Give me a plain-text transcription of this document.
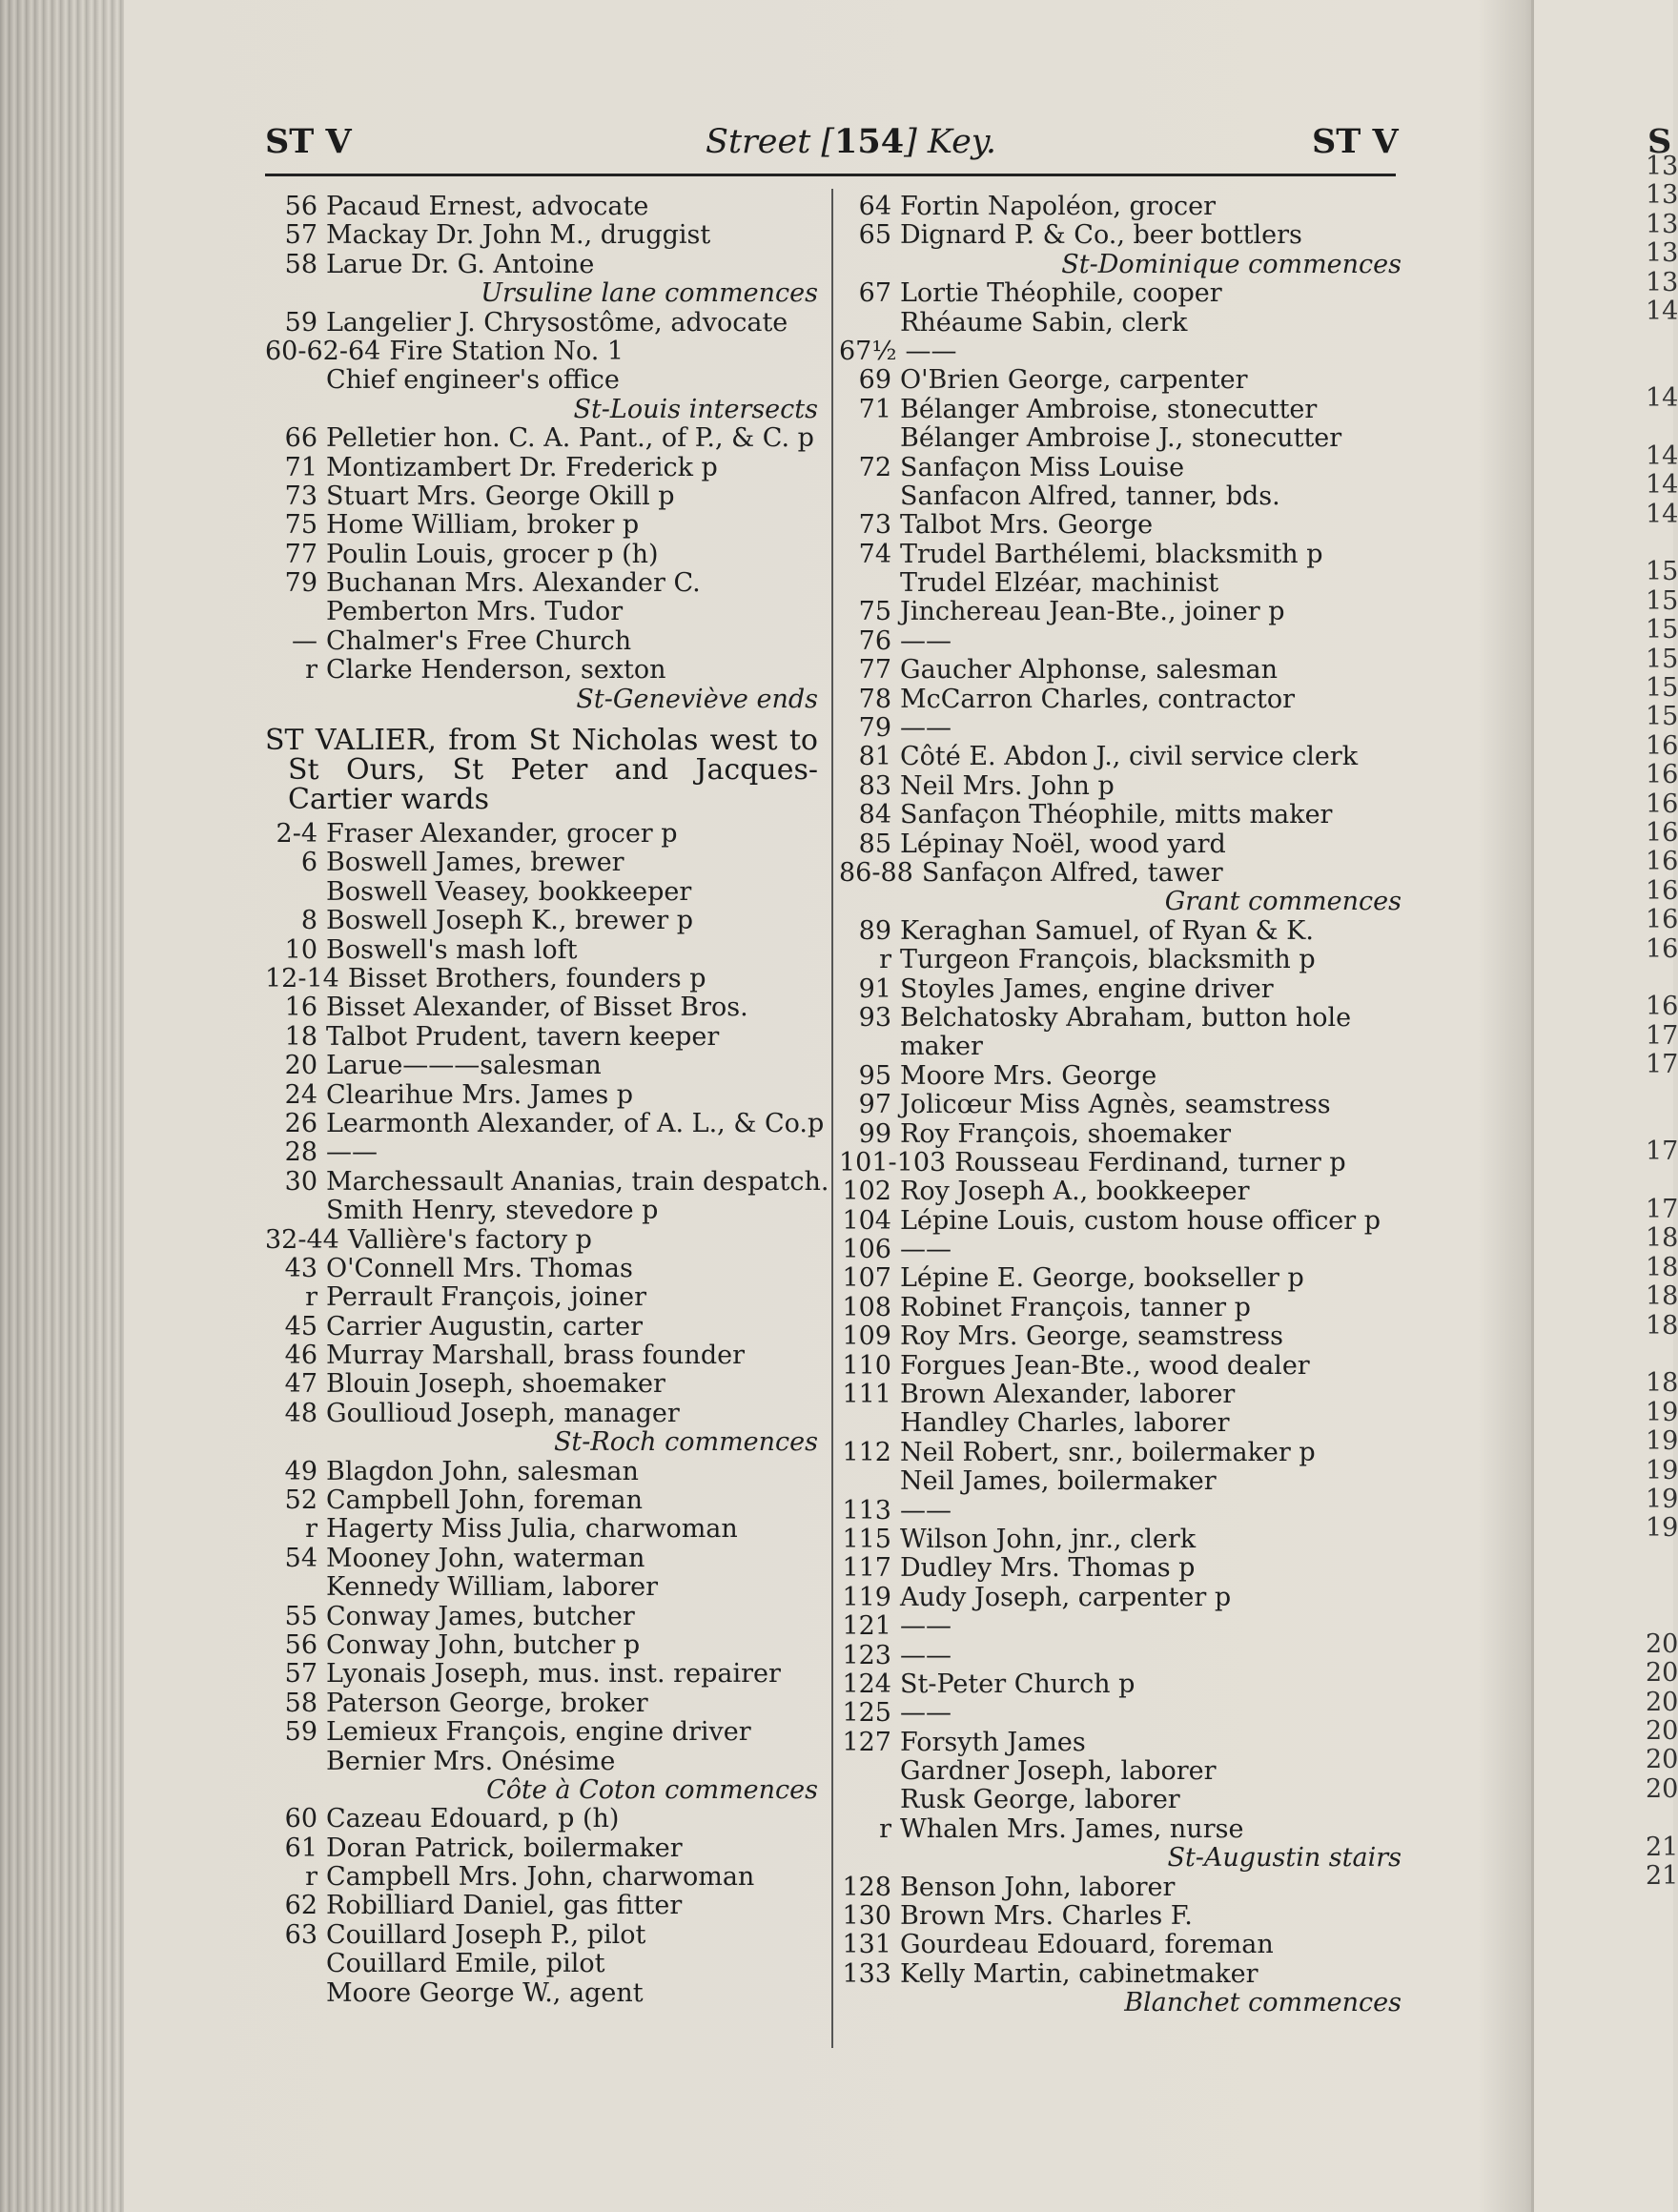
ST V	Street [154] Key.	ST V
56 Pacaud Ernest, advocate
57 Mackay Dr. John M., druggist
58 Larue Dr. G. Antoine
Ursuline lane commences
59 Langelier J. Chrysostôme, advocate
60-62-64 Fire Station No. 1
Chief engineer's office
St-Louis intersects
66 Pelletier hon. C. A. Pant., of P., & C. p
71 Montizambert Dr. Frederick p
73 Stuart Mrs. George Okill p
75 Home William, broker p
77 Poulin Louis, grocer p (h)
79 Buchanan Mrs. Alexander C.
Pemberton Mrs. Tudor
— Chalmer's Free Church
r Clarke Henderson, sexton
St-Geneviève ends
ST VALIER, from St Nicholas west to St Ours, St Peter and Jacques-Cartier wards
2-4 Fraser Alexander, grocer p
6 Boswell James, brewer
Boswell Veasey, bookkeeper
8 Boswell Joseph K., brewer p
10 Boswell's mash loft
12-14 Bisset Brothers, founders p
16 Bisset Alexander, of Bisset Bros.
18 Talbot Prudent, tavern keeper
20 Larue———salesman
24 Clearihue Mrs. James p
26 Learmonth Alexander, of A. L., & Co.p
28 ——
30 Marchessault Ananias, train despatch.
Smith Henry, stevedore p
32-44 Vallière's factory p
43 O'Connell Mrs. Thomas
r Perrault François, joiner
45 Carrier Augustin, carter
46 Murray Marshall, brass founder
47 Blouin Joseph, shoemaker
48 Goullioud Joseph, manager
St-Roch commences
49 Blagdon John, salesman
52 Campbell John, foreman
r Hagerty Miss Julia, charwoman
54 Mooney John, waterman
Kennedy William, laborer
55 Conway James, butcher
56 Conway John, butcher p
57 Lyonais Joseph, mus. inst. repairer
58 Paterson George, broker
59 Lemieux François, engine driver
Bernier Mrs. Onésime
Côte à Coton commences
60 Cazeau Edouard, p (h)
61 Doran Patrick, boilermaker
r Campbell Mrs. John, charwoman
62 Robilliard Daniel, gas fitter
63 Couillard Joseph P., pilot
Couillard Emile, pilot
Moore George W., agent
64 Fortin Napoléon, grocer
65 Dignard P. & Co., beer bottlers
St-Dominique commences
67 Lortie Théophile, cooper
Rhéaume Sabin, clerk
67½ ——
69 O'Brien George, carpenter
71 Bélanger Ambroise, stonecutter
Bélanger Ambroise J., stonecutter
72 Sanfaçon Miss Louise
Sanfacon Alfred, tanner, bds.
73 Talbot Mrs. George
74 Trudel Barthélemi, blacksmith p
Trudel Elzéar, machinist
75 Jinchereau Jean-Bte., joiner p
76 ——
77 Gaucher Alphonse, salesman
78 McCarron Charles, contractor
79 ——
81 Côté E. Abdon J., civil service clerk
83 Neil Mrs. John p
84 Sanfaçon Théophile, mitts maker
85 Lépinay Noël, wood yard
86-88 Sanfaçon Alfred, tawer
Grant commences
89 Keraghan Samuel, of Ryan & K.
r Turgeon François, blacksmith p
91 Stoyles James, engine driver
93 Belchatosky Abraham, button hole
maker
95 Moore Mrs. George
97 Jolicœur Miss Agnès, seamstress
99 Roy François, shoemaker
101-103 Rousseau Ferdinand, turner p
102 Roy Joseph A., bookkeeper
104 Lépine Louis, custom house officer p
106 ——
107 Lépine E. George, bookseller p
108 Robinet François, tanner p
109 Roy Mrs. George, seamstress
110 Forgues Jean-Bte., wood dealer
111 Brown Alexander, laborer
Handley Charles, laborer
112 Neil Robert, snr., boilermaker p
Neil James, boilermaker
113 ——
115 Wilson John, jnr., clerk
117 Dudley Mrs. Thomas p
119 Audy Joseph, carpenter p
121 ——
123 ——
124 St-Peter Church p
125 ——
127 Forsyth James
Gardner Joseph, laborer
Rusk George, laborer
r Whalen Mrs. James, nurse
St-Augustin stairs
128 Benson John, laborer
130 Brown Mrs. Charles F.
131 Gourdeau Edouard, foreman
133 Kelly Martin, cabinetmaker
Blanchet commences
S
13
13
13
13
13
14
14
14
14
14
15
15
15
15
15
15
16
16
16
16
16
16
16
16
16
17
17
17
17
18
18
18
18
18
19
19
19
19
19
20
20
20
20
20
20
21
21
